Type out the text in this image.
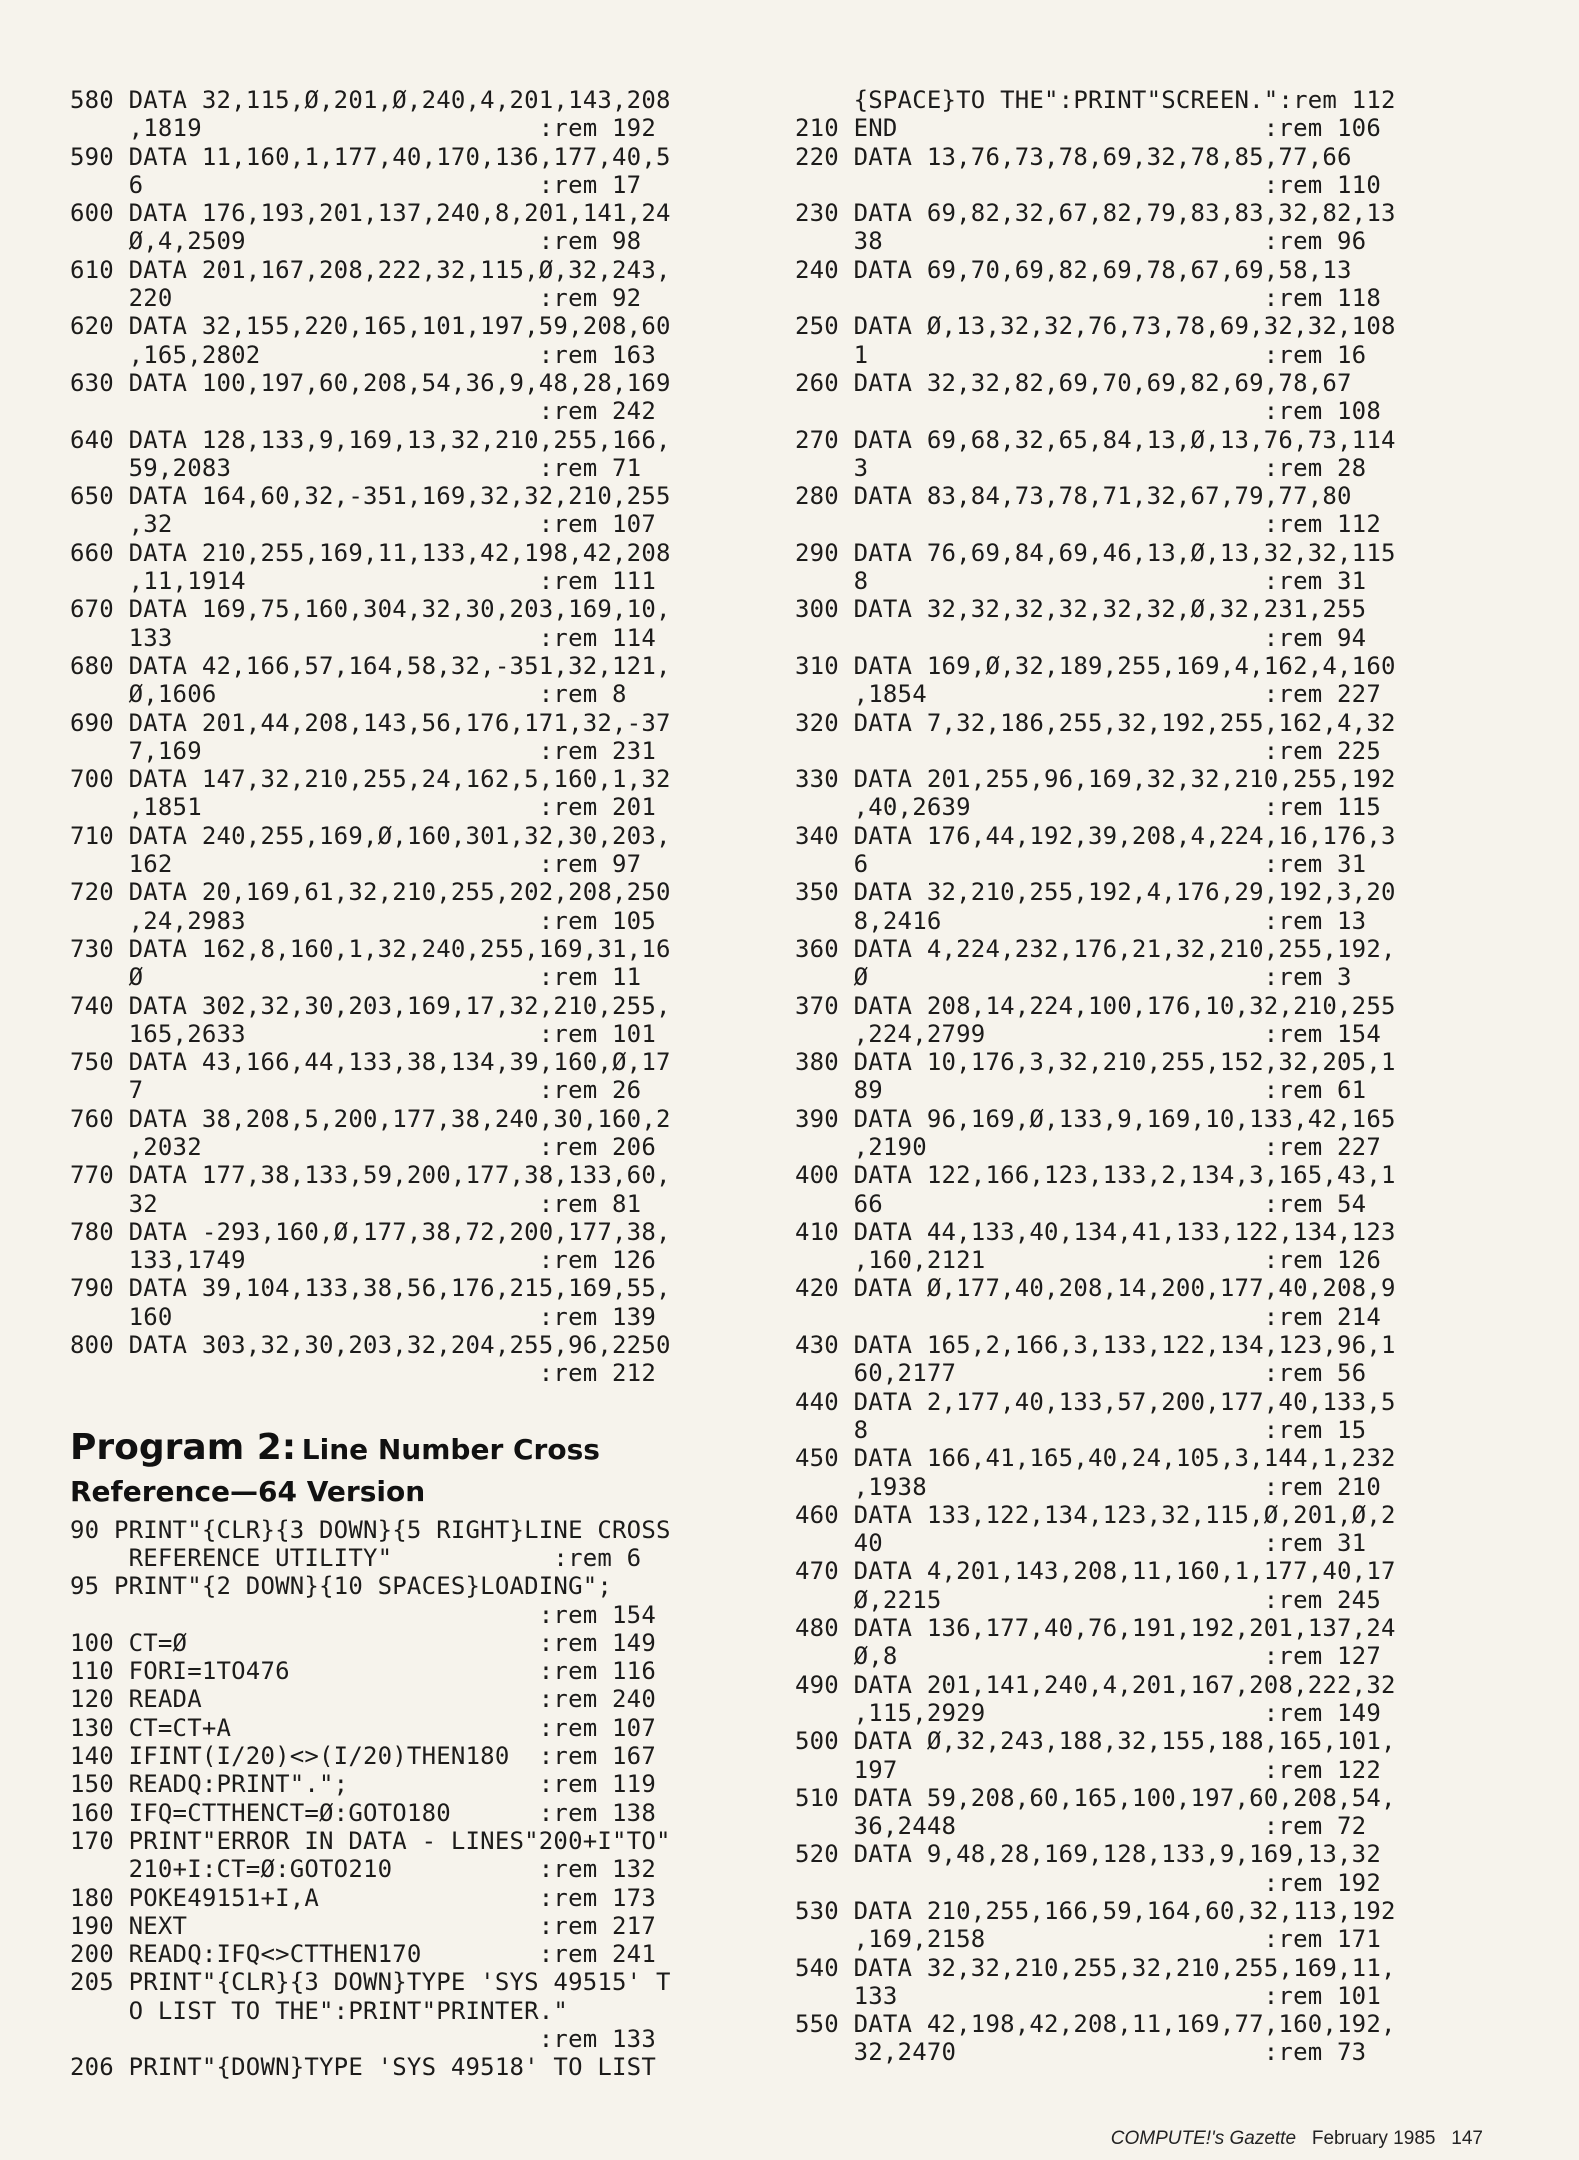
580 DATA 32,115,Ø,201,Ø,240,4,201,143,208
,1819                       :rem 192
590 DATA 11,160,1,177,40,170,136,177,40,5
6                           :rem 17
600 DATA 176,193,201,137,240,8,201,141,24
Ø,4,2509                    :rem 98
610 DATA 201,167,208,222,32,115,Ø,32,243,
220                         :rem 92
620 DATA 32,155,220,165,101,197,59,208,60
,165,2802                   :rem 163
630 DATA 100,197,60,208,54,36,9,48,28,169
:rem 242
640 DATA 128,133,9,169,13,32,210,255,166,
59,2083                     :rem 71
650 DATA 164,60,32,-351,169,32,32,210,255
,32                         :rem 107
660 DATA 210,255,169,11,133,42,198,42,208
,11,1914                    :rem 111
670 DATA 169,75,160,304,32,30,203,169,10,
133                         :rem 114
680 DATA 42,166,57,164,58,32,-351,32,121,
Ø,1606                      :rem 8
690 DATA 201,44,208,143,56,176,171,32,-37
7,169                       :rem 231
700 DATA 147,32,210,255,24,162,5,160,1,32
,1851                       :rem 201
710 DATA 240,255,169,Ø,160,301,32,30,203,
162                         :rem 97
720 DATA 20,169,61,32,210,255,202,208,250
,24,2983                    :rem 105
730 DATA 162,8,160,1,32,240,255,169,31,16
Ø                           :rem 11
740 DATA 302,32,30,203,169,17,32,210,255,
165,2633                    :rem 101
750 DATA 43,166,44,133,38,134,39,160,Ø,17
7                           :rem 26
760 DATA 38,208,5,200,177,38,240,30,160,2
,2032                       :rem 206
770 DATA 177,38,133,59,200,177,38,133,60,
32                          :rem 81
780 DATA -293,160,Ø,177,38,72,200,177,38,
133,1749                    :rem 126
790 DATA 39,104,133,38,56,176,215,169,55,
160                         :rem 139
800 DATA 303,32,30,203,32,204,255,96,2250
:rem 212
Program 2: Line Number Cross
Reference—64 Version
90 PRINT"{CLR}{3 DOWN}{5 RIGHT}LINE CROSS
REFERENCE UTILITY"           :rem 6
95 PRINT"{2 DOWN}{10 SPACES}LOADING";
:rem 154
100 CT=Ø                        :rem 149
110 FORI=1TO476                 :rem 116
120 READA                       :rem 240
130 CT=CT+A                     :rem 107
140 IFINT(I/20)<>(I/20)THEN180  :rem 167
150 READQ:PRINT".";             :rem 119
160 IFQ=CTTHENCT=Ø:GOTO180      :rem 138
170 PRINT"ERROR IN DATA - LINES"200+I"TO"
210+I:CT=Ø:GOTO210          :rem 132
180 POKE49151+I,A               :rem 173
190 NEXT                        :rem 217
200 READQ:IFQ<>CTTHEN170        :rem 241
205 PRINT"{CLR}{3 DOWN}TYPE 'SYS 49515' T
O LIST TO THE":PRINT"PRINTER."
:rem 133
206 PRINT"{DOWN}TYPE 'SYS 49518' TO LIST
{SPACE}TO THE":PRINT"SCREEN.":rem 112
210 END                         :rem 106
220 DATA 13,76,73,78,69,32,78,85,77,66
:rem 110
230 DATA 69,82,32,67,82,79,83,83,32,82,13
38                          :rem 96
240 DATA 69,70,69,82,69,78,67,69,58,13
:rem 118
250 DATA Ø,13,32,32,76,73,78,69,32,32,108
1                           :rem 16
260 DATA 32,32,82,69,70,69,82,69,78,67
:rem 108
270 DATA 69,68,32,65,84,13,Ø,13,76,73,114
3                           :rem 28
280 DATA 83,84,73,78,71,32,67,79,77,80
:rem 112
290 DATA 76,69,84,69,46,13,Ø,13,32,32,115
8                           :rem 31
300 DATA 32,32,32,32,32,32,Ø,32,231,255
:rem 94
310 DATA 169,Ø,32,189,255,169,4,162,4,160
,1854                       :rem 227
320 DATA 7,32,186,255,32,192,255,162,4,32
:rem 225
330 DATA 201,255,96,169,32,32,210,255,192
,40,2639                    :rem 115
340 DATA 176,44,192,39,208,4,224,16,176,3
6                           :rem 31
350 DATA 32,210,255,192,4,176,29,192,3,20
8,2416                      :rem 13
360 DATA 4,224,232,176,21,32,210,255,192,
Ø                           :rem 3
370 DATA 208,14,224,100,176,10,32,210,255
,224,2799                   :rem 154
380 DATA 10,176,3,32,210,255,152,32,205,1
89                          :rem 61
390 DATA 96,169,Ø,133,9,169,10,133,42,165
,2190                       :rem 227
400 DATA 122,166,123,133,2,134,3,165,43,1
66                          :rem 54
410 DATA 44,133,40,134,41,133,122,134,123
,160,2121                   :rem 126
420 DATA Ø,177,40,208,14,200,177,40,208,9
:rem 214
430 DATA 165,2,166,3,133,122,134,123,96,1
60,2177                     :rem 56
440 DATA 2,177,40,133,57,200,177,40,133,5
8                           :rem 15
450 DATA 166,41,165,40,24,105,3,144,1,232
,1938                       :rem 210
460 DATA 133,122,134,123,32,115,Ø,201,Ø,2
40                          :rem 31
470 DATA 4,201,143,208,11,160,1,177,40,17
Ø,2215                      :rem 245
480 DATA 136,177,40,76,191,192,201,137,24
Ø,8                         :rem 127
490 DATA 201,141,240,4,201,167,208,222,32
,115,2929                   :rem 149
500 DATA Ø,32,243,188,32,155,188,165,101,
197                         :rem 122
510 DATA 59,208,60,165,100,197,60,208,54,
36,2448                     :rem 72
520 DATA 9,48,28,169,128,133,9,169,13,32
:rem 192
530 DATA 210,255,166,59,164,60,32,113,192
,169,2158                   :rem 171
540 DATA 32,32,210,255,32,210,255,169,11,
133                         :rem 101
550 DATA 42,198,42,208,11,169,77,160,192,
32,2470                     :rem 73
COMPUTE!'s Gazette February 1985 147
